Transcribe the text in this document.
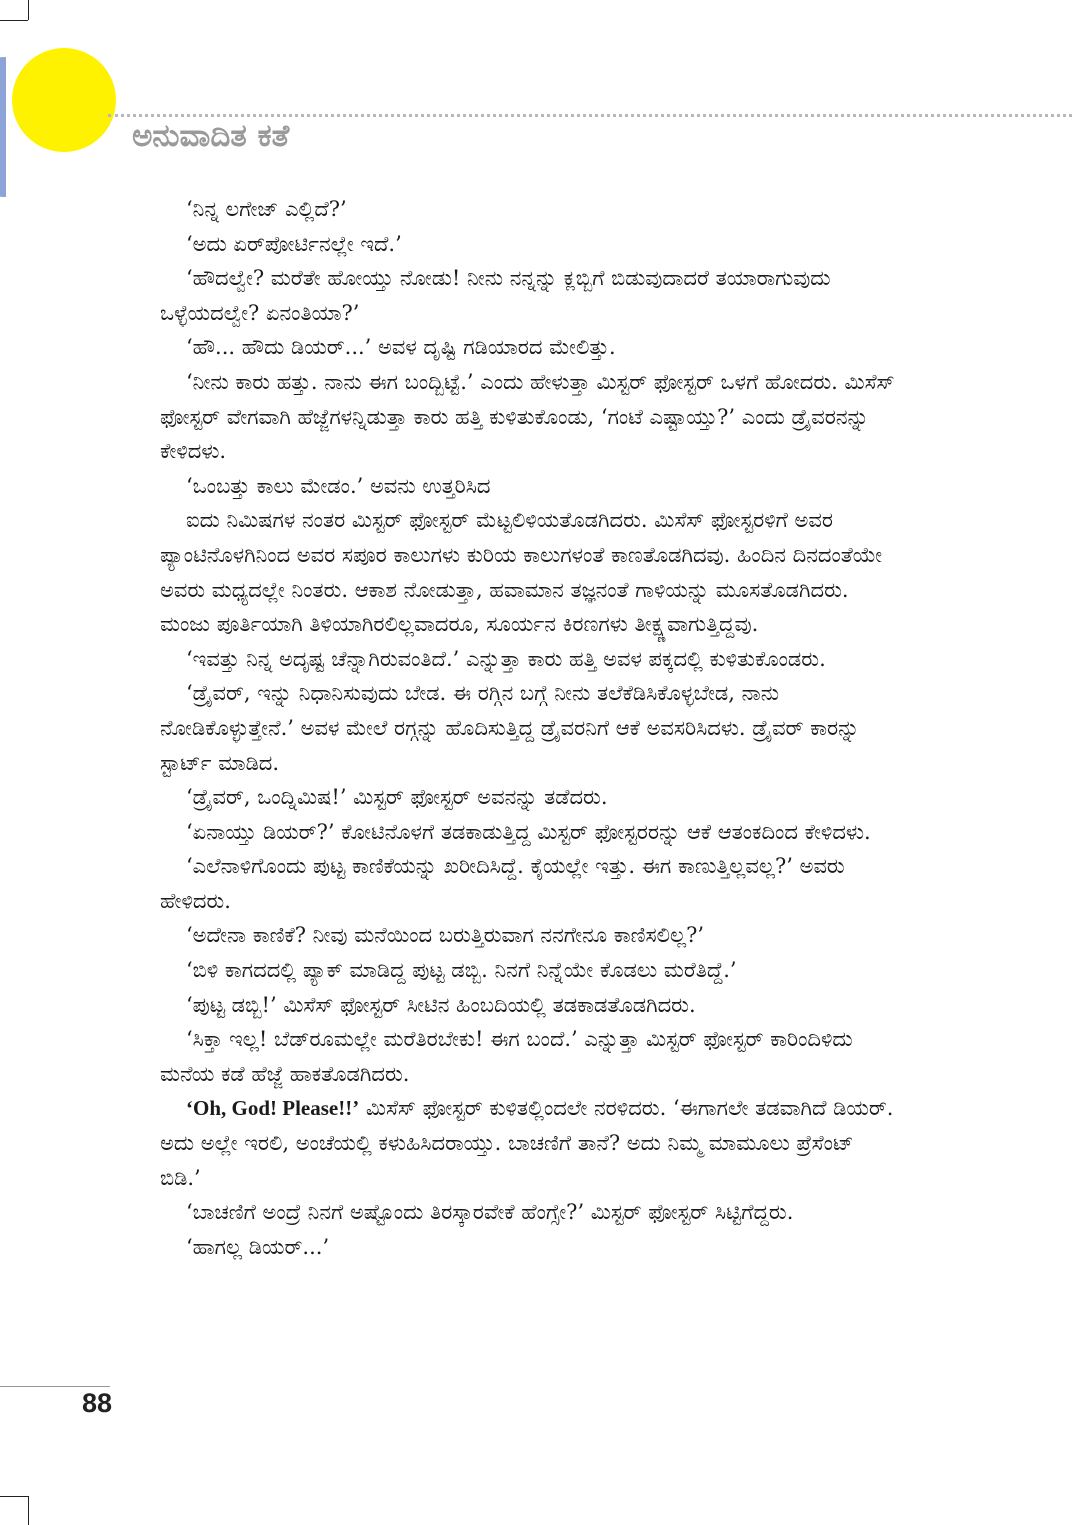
ಅನುವಾದಿತ ಕತೆ

‘ನಿನ್ನ ಲಗೇಜ್ ಎಲ್ಲಿದೆ?’

‘ಅದು ಏರ್‌ಪೋರ್ಟಿನಲ್ಲೇ ಇದೆ.’

‘ಹೌದಲ್ವೇ? ಮರೆತೇ ಹೋಯ್ತು ನೋಡು! ನೀನು ನನ್ನನ್ನು ಕ್ಲಬ್ಬಿಗೆ ಬಿಡುವುದಾದರೆ ತಯಾರಾಗುವುದು ಒಳ್ಳೆಯದಲ್ವೇ? ಏನಂತಿಯಾ?’

‘ಹೌ... ಹೌದು ಡಿಯರ್...’ ಅವಳ ದೃಷ್ಟಿ ಗಡಿಯಾರದ ಮೇಲಿತ್ತು.

‘ನೀನು ಕಾರು ಹತ್ತು. ನಾನು ಈಗ ಬಂದ್ಬಿಟ್ಟೆ.’ ಎಂದು ಹೇಳುತ್ತಾ ಮಿಸ್ಟರ್ ಫೋಸ್ಟರ್ ಒಳಗೆ ಹೋದರು. ಮಿಸೆಸ್ ಫೋಸ್ಟರ್ ವೇಗವಾಗಿ ಹೆಜ್ಜೆಗಳನ್ನಿಡುತ್ತಾ ಕಾರು ಹತ್ತಿ ಕುಳಿತುಕೊಂಡು, ‘ಗಂಟೆ ಎಷ್ಟಾಯ್ತು?’ ಎಂದು ಡ್ರೈವರನನ್ನು ಕೇಳಿದಳು.

‘ಒಂಬತ್ತು ಕಾಲು ಮೇಡಂ.’ ಅವನು ಉತ್ತರಿಸಿದ

ಐದು ನಿಮಿಷಗಳ ನಂತರ ಮಿಸ್ಟರ್ ಫೋಸ್ಟರ್ ಮೆಟ್ಟಲಿಳಿಯತೊಡಗಿದರು. ಮಿಸೆಸ್ ಫೋಸ್ಟರಳಿಗೆ ಅವರ ಪ್ಯಾಂಟಿನೊಳಗಿನಿಂದ ಅವರ ಸಪೂರ ಕಾಲುಗಳು ಕುರಿಯ ಕಾಲುಗಳಂತೆ ಕಾಣತೊಡಗಿದವು. ಹಿಂದಿನ ದಿನದಂತೆಯೇ ಅವರು ಮಧ್ಯದಲ್ಲೇ ನಿಂತರು. ಆಕಾಶ ನೋಡುತ್ತಾ, ಹವಾಮಾನ ತಜ್ಞನಂತೆ ಗಾಳಿಯನ್ನು ಮೂಸತೊಡಗಿದರು. ಮಂಜು ಪೂರ್ತಿಯಾಗಿ ತಿಳಿಯಾಗಿರಲಿಲ್ಲವಾದರೂ, ಸೂರ್ಯನ ಕಿರಣಗಳು ತೀಕ್ಷ್ಣವಾಗುತ್ತಿದ್ದವು.

‘ಇವತ್ತು ನಿನ್ನ ಅದೃಷ್ಟ ಚೆನ್ನಾಗಿರುವಂತಿದೆ.’ ಎನ್ನುತ್ತಾ ಕಾರು ಹತ್ತಿ ಅವಳ ಪಕ್ಕದಲ್ಲಿ ಕುಳಿತುಕೊಂಡರು.

‘ಡ್ರೈವರ್, ಇನ್ನು ನಿಧಾನಿಸುವುದು ಬೇಡ. ಈ ರಗ್ಗಿನ ಬಗ್ಗೆ ನೀನು ತಲೆಕೆಡಿಸಿಕೊಳ್ಳಬೇಡ, ನಾನು ನೋಡಿಕೊಳ್ಳುತ್ತೇನೆ.’ ಅವಳ ಮೇಲೆ ರಗ್ಗನ್ನು ಹೊದಿಸುತ್ತಿದ್ದ ಡ್ರೈವರನಿಗೆ ಆಕೆ ಅವಸರಿಸಿದಳು. ಡ್ರೈವರ್ ಕಾರನ್ನು ಸ್ಟಾರ್ಟ್ ಮಾಡಿದ.

‘ಡ್ರೈವರ್, ಒಂದ್ನಿಮಿಷ!’ ಮಿಸ್ಟರ್ ಫೋಸ್ಟರ್ ಅವನನ್ನು ತಡೆದರು.

‘ಏನಾಯ್ತು ಡಿಯರ್?’ ಕೋಟಿನೊಳಗೆ ತಡಕಾಡುತ್ತಿದ್ದ ಮಿಸ್ಟರ್ ಫೋಸ್ಟರರನ್ನು ಆಕೆ ಆತಂಕದಿಂದ ಕೇಳಿದಳು.

‘ಎಲೆನಾಳಿಗೊಂದು ಪುಟ್ಟ ಕಾಣಿಕೆಯನ್ನು ಖರೀದಿಸಿದ್ದೆ. ಕೈಯಲ್ಲೇ ಇತ್ತು. ಈಗ ಕಾಣುತ್ತಿಲ್ಲವಲ್ಲ?’ ಅವರು ಹೇಳಿದರು.

‘ಅದೇನಾ ಕಾಣಿಕೆ? ನೀವು ಮನೆಯಿಂದ ಬರುತ್ತಿರುವಾಗ ನನಗೇನೂ ಕಾಣಿಸಲಿಲ್ಲ?’

‘ಬಿಳಿ ಕಾಗದದಲ್ಲಿ ಪ್ಯಾಕ್ ಮಾಡಿದ್ದ ಪುಟ್ಟ ಡಬ್ಬಿ. ನಿನಗೆ ನಿನ್ನೆಯೇ ಕೊಡಲು ಮರೆತಿದ್ದೆ.’

‘ಪುಟ್ಟ ಡಬ್ಬಿ!’ ಮಿಸೆಸ್ ಫೋಸ್ಟರ್ ಸೀಟಿನ ಹಿಂಬದಿಯಲ್ಲಿ ತಡಕಾಡತೊಡಗಿದರು.

‘ಸಿಕ್ತಾ ಇಲ್ಲ! ಬೆಡ್‌ರೂಮಲ್ಲೇ ಮರೆತಿರಬೇಕು! ಈಗ ಬಂದೆ.’ ಎನ್ನುತ್ತಾ ಮಿಸ್ಟರ್ ಫೋಸ್ಟರ್ ಕಾರಿಂದಿಳಿದು ಮನೆಯ ಕಡೆ ಹೆಜ್ಜೆ ಹಾಕತೊಡಗಿದರು.

‘Oh, God! Please!!’ ಮಿಸೆಸ್ ಫೋಸ್ಟರ್ ಕುಳಿತಲ್ಲಿಂದಲೇ ನರಳಿದರು. ‘ಈಗಾಗಲೇ ತಡವಾಗಿದೆ ಡಿಯರ್. ಅದು ಅಲ್ಲೇ ಇರಲಿ, ಅಂಚೆಯಲ್ಲಿ ಕಳುಹಿಸಿದರಾಯ್ತು. ಬಾಚಣಿಗೆ ತಾನೆ? ಅದು ನಿಮ್ಮ ಮಾಮೂಲು ಪ್ರೆಸೆಂಟ್ ಬಿಡಿ.’

‘ಬಾಚಣಿಗೆ ಅಂದ್ರೆ ನಿನಗೆ ಅಷ್ಟೊಂದು ತಿರಸ್ಕಾರವೇಕೆ ಹೆಂಗ್ಸೇ?’ ಮಿಸ್ಟರ್ ಫೋಸ್ಟರ್ ಸಿಟ್ಟಿಗೆದ್ದರು.

‘ಹಾಗಲ್ಲ ಡಿಯರ್...’

88
